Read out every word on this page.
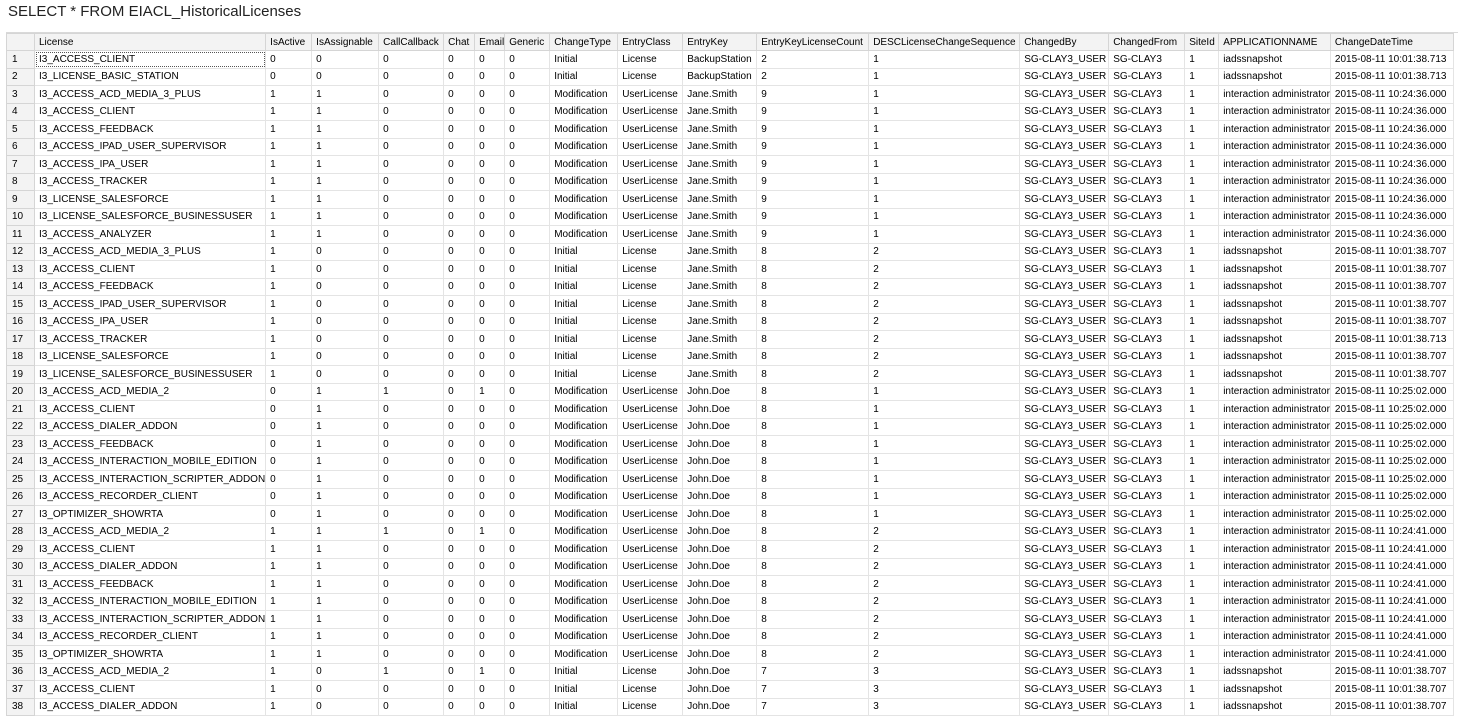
SELECT * FROM EIACL_HistoricalLicenses
	License	IsActive	IsAssignable	CallCallback	Chat	Email	Generic	ChangeType	EntryClass	EntryKey	EntryKeyLicenseCount	DESCLicenseChangeSequence	ChangedBy	ChangedFrom	SiteId	APPLICATIONNAME	ChangeDateTime
1	I3_ACCESS_CLIENT	0	0	0	0	0	0	Initial	License	BackupStation	2	1	SG-CLAY3_USER	SG-CLAY3	1	iadssnapshot	2015-08-11 10:01:38.713
2	I3_LICENSE_BASIC_STATION	0	0	0	0	0	0	Initial	License	BackupStation	2	1	SG-CLAY3_USER	SG-CLAY3	1	iadssnapshot	2015-08-11 10:01:38.713
3	I3_ACCESS_ACD_MEDIA_3_PLUS	1	1	0	0	0	0	Modification	UserLicense	Jane.Smith	9	1	SG-CLAY3_USER	SG-CLAY3	1	interaction administrator	2015-08-11 10:24:36.000
4	I3_ACCESS_CLIENT	1	1	0	0	0	0	Modification	UserLicense	Jane.Smith	9	1	SG-CLAY3_USER	SG-CLAY3	1	interaction administrator	2015-08-11 10:24:36.000
5	I3_ACCESS_FEEDBACK	1	1	0	0	0	0	Modification	UserLicense	Jane.Smith	9	1	SG-CLAY3_USER	SG-CLAY3	1	interaction administrator	2015-08-11 10:24:36.000
6	I3_ACCESS_IPAD_USER_SUPERVISOR	1	1	0	0	0	0	Modification	UserLicense	Jane.Smith	9	1	SG-CLAY3_USER	SG-CLAY3	1	interaction administrator	2015-08-11 10:24:36.000
7	I3_ACCESS_IPA_USER	1	1	0	0	0	0	Modification	UserLicense	Jane.Smith	9	1	SG-CLAY3_USER	SG-CLAY3	1	interaction administrator	2015-08-11 10:24:36.000
8	I3_ACCESS_TRACKER	1	1	0	0	0	0	Modification	UserLicense	Jane.Smith	9	1	SG-CLAY3_USER	SG-CLAY3	1	interaction administrator	2015-08-11 10:24:36.000
9	I3_LICENSE_SALESFORCE	1	1	0	0	0	0	Modification	UserLicense	Jane.Smith	9	1	SG-CLAY3_USER	SG-CLAY3	1	interaction administrator	2015-08-11 10:24:36.000
10	I3_LICENSE_SALESFORCE_BUSINESSUSER	1	1	0	0	0	0	Modification	UserLicense	Jane.Smith	9	1	SG-CLAY3_USER	SG-CLAY3	1	interaction administrator	2015-08-11 10:24:36.000
11	I3_ACCESS_ANALYZER	1	1	0	0	0	0	Modification	UserLicense	Jane.Smith	9	1	SG-CLAY3_USER	SG-CLAY3	1	interaction administrator	2015-08-11 10:24:36.000
12	I3_ACCESS_ACD_MEDIA_3_PLUS	1	0	0	0	0	0	Initial	License	Jane.Smith	8	2	SG-CLAY3_USER	SG-CLAY3	1	iadssnapshot	2015-08-11 10:01:38.707
13	I3_ACCESS_CLIENT	1	0	0	0	0	0	Initial	License	Jane.Smith	8	2	SG-CLAY3_USER	SG-CLAY3	1	iadssnapshot	2015-08-11 10:01:38.707
14	I3_ACCESS_FEEDBACK	1	0	0	0	0	0	Initial	License	Jane.Smith	8	2	SG-CLAY3_USER	SG-CLAY3	1	iadssnapshot	2015-08-11 10:01:38.707
15	I3_ACCESS_IPAD_USER_SUPERVISOR	1	0	0	0	0	0	Initial	License	Jane.Smith	8	2	SG-CLAY3_USER	SG-CLAY3	1	iadssnapshot	2015-08-11 10:01:38.707
16	I3_ACCESS_IPA_USER	1	0	0	0	0	0	Initial	License	Jane.Smith	8	2	SG-CLAY3_USER	SG-CLAY3	1	iadssnapshot	2015-08-11 10:01:38.707
17	I3_ACCESS_TRACKER	1	0	0	0	0	0	Initial	License	Jane.Smith	8	2	SG-CLAY3_USER	SG-CLAY3	1	iadssnapshot	2015-08-11 10:01:38.713
18	I3_LICENSE_SALESFORCE	1	0	0	0	0	0	Initial	License	Jane.Smith	8	2	SG-CLAY3_USER	SG-CLAY3	1	iadssnapshot	2015-08-11 10:01:38.707
19	I3_LICENSE_SALESFORCE_BUSINESSUSER	1	0	0	0	0	0	Initial	License	Jane.Smith	8	2	SG-CLAY3_USER	SG-CLAY3	1	iadssnapshot	2015-08-11 10:01:38.707
20	I3_ACCESS_ACD_MEDIA_2	0	1	1	0	1	0	Modification	UserLicense	John.Doe	8	1	SG-CLAY3_USER	SG-CLAY3	1	interaction administrator	2015-08-11 10:25:02.000
21	I3_ACCESS_CLIENT	0	1	0	0	0	0	Modification	UserLicense	John.Doe	8	1	SG-CLAY3_USER	SG-CLAY3	1	interaction administrator	2015-08-11 10:25:02.000
22	I3_ACCESS_DIALER_ADDON	0	1	0	0	0	0	Modification	UserLicense	John.Doe	8	1	SG-CLAY3_USER	SG-CLAY3	1	interaction administrator	2015-08-11 10:25:02.000
23	I3_ACCESS_FEEDBACK	0	1	0	0	0	0	Modification	UserLicense	John.Doe	8	1	SG-CLAY3_USER	SG-CLAY3	1	interaction administrator	2015-08-11 10:25:02.000
24	I3_ACCESS_INTERACTION_MOBILE_EDITION	0	1	0	0	0	0	Modification	UserLicense	John.Doe	8	1	SG-CLAY3_USER	SG-CLAY3	1	interaction administrator	2015-08-11 10:25:02.000
25	I3_ACCESS_INTERACTION_SCRIPTER_ADDON	0	1	0	0	0	0	Modification	UserLicense	John.Doe	8	1	SG-CLAY3_USER	SG-CLAY3	1	interaction administrator	2015-08-11 10:25:02.000
26	I3_ACCESS_RECORDER_CLIENT	0	1	0	0	0	0	Modification	UserLicense	John.Doe	8	1	SG-CLAY3_USER	SG-CLAY3	1	interaction administrator	2015-08-11 10:25:02.000
27	I3_OPTIMIZER_SHOWRTA	0	1	0	0	0	0	Modification	UserLicense	John.Doe	8	1	SG-CLAY3_USER	SG-CLAY3	1	interaction administrator	2015-08-11 10:25:02.000
28	I3_ACCESS_ACD_MEDIA_2	1	1	1	0	1	0	Modification	UserLicense	John.Doe	8	2	SG-CLAY3_USER	SG-CLAY3	1	interaction administrator	2015-08-11 10:24:41.000
29	I3_ACCESS_CLIENT	1	1	0	0	0	0	Modification	UserLicense	John.Doe	8	2	SG-CLAY3_USER	SG-CLAY3	1	interaction administrator	2015-08-11 10:24:41.000
30	I3_ACCESS_DIALER_ADDON	1	1	0	0	0	0	Modification	UserLicense	John.Doe	8	2	SG-CLAY3_USER	SG-CLAY3	1	interaction administrator	2015-08-11 10:24:41.000
31	I3_ACCESS_FEEDBACK	1	1	0	0	0	0	Modification	UserLicense	John.Doe	8	2	SG-CLAY3_USER	SG-CLAY3	1	interaction administrator	2015-08-11 10:24:41.000
32	I3_ACCESS_INTERACTION_MOBILE_EDITION	1	1	0	0	0	0	Modification	UserLicense	John.Doe	8	2	SG-CLAY3_USER	SG-CLAY3	1	interaction administrator	2015-08-11 10:24:41.000
33	I3_ACCESS_INTERACTION_SCRIPTER_ADDON	1	1	0	0	0	0	Modification	UserLicense	John.Doe	8	2	SG-CLAY3_USER	SG-CLAY3	1	interaction administrator	2015-08-11 10:24:41.000
34	I3_ACCESS_RECORDER_CLIENT	1	1	0	0	0	0	Modification	UserLicense	John.Doe	8	2	SG-CLAY3_USER	SG-CLAY3	1	interaction administrator	2015-08-11 10:24:41.000
35	I3_OPTIMIZER_SHOWRTA	1	1	0	0	0	0	Modification	UserLicense	John.Doe	8	2	SG-CLAY3_USER	SG-CLAY3	1	interaction administrator	2015-08-11 10:24:41.000
36	I3_ACCESS_ACD_MEDIA_2	1	0	1	0	1	0	Initial	License	John.Doe	7	3	SG-CLAY3_USER	SG-CLAY3	1	iadssnapshot	2015-08-11 10:01:38.707
37	I3_ACCESS_CLIENT	1	0	0	0	0	0	Initial	License	John.Doe	7	3	SG-CLAY3_USER	SG-CLAY3	1	iadssnapshot	2015-08-11 10:01:38.707
38	I3_ACCESS_DIALER_ADDON	1	0	0	0	0	0	Initial	License	John.Doe	7	3	SG-CLAY3_USER	SG-CLAY3	1	iadssnapshot	2015-08-11 10:01:38.707
